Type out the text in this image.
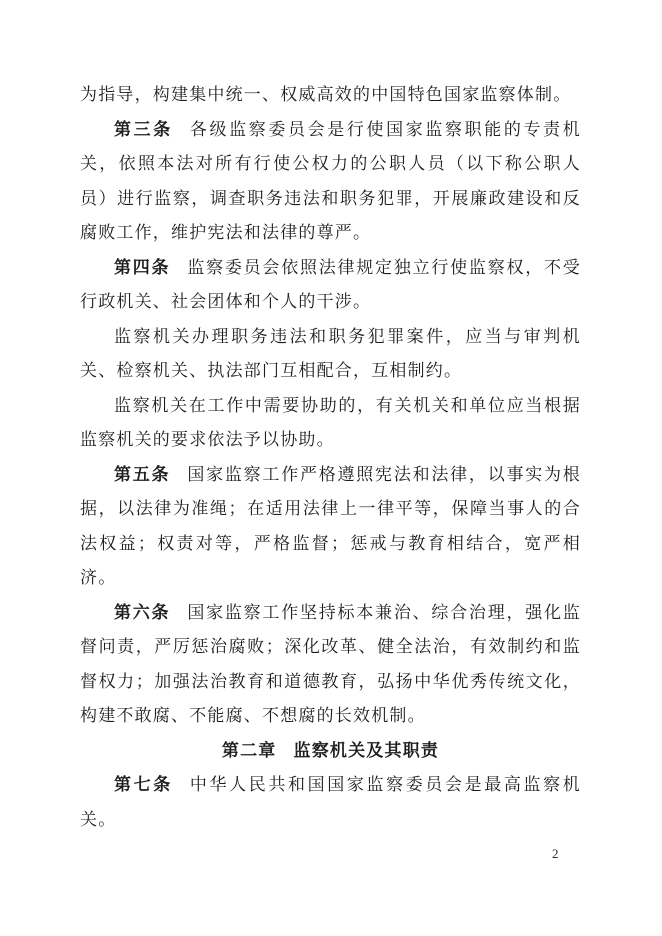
为指导，构建集中统一、权威高效的中国特色国家监察体制。

第三条 各级监察委员会是行使国家监察职能的专责机关，依照本法对所有行使公权力的公职人员（以下称公职人员）进行监察，调查职务违法和职务犯罪，开展廉政建设和反腐败工作，维护宪法和法律的尊严。

第四条 监察委员会依照法律规定独立行使监察权，不受行政机关、社会团体和个人的干涉。

监察机关办理职务违法和职务犯罪案件，应当与审判机关、检察机关、执法部门互相配合，互相制约。

监察机关在工作中需要协助的，有关机关和单位应当根据监察机关的要求依法予以协助。

第五条 国家监察工作严格遵照宪法和法律，以事实为根据，以法律为准绳；在适用法律上一律平等，保障当事人的合法权益；权责对等，严格监督；惩戒与教育相结合，宽严相济。

第六条 国家监察工作坚持标本兼治、综合治理，强化监督问责，严厉惩治腐败；深化改革、健全法治，有效制约和监督权力；加强法治教育和道德教育，弘扬中华优秀传统文化，构建不敢腐、不能腐、不想腐的长效机制。

第二章 监察机关及其职责

第七条 中华人民共和国国家监察委员会是最高监察机关。

2
